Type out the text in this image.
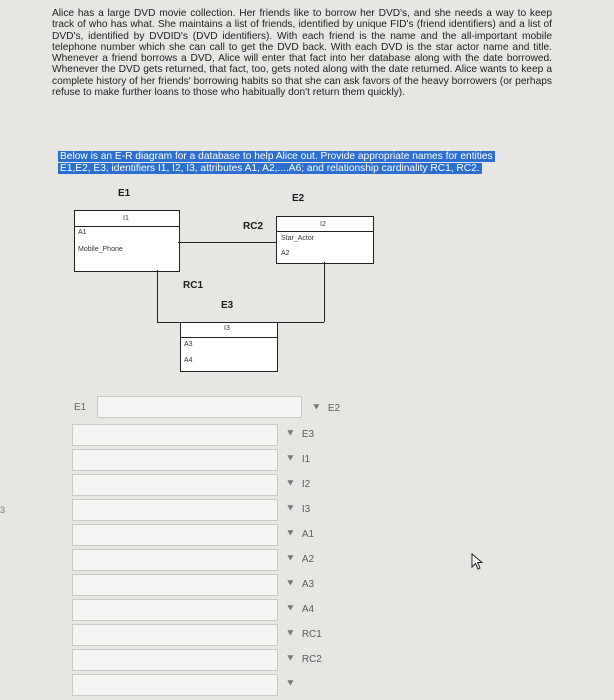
Alice has a large DVD movie collection. Her friends like to borrow her DVD's, and she needs a way to keep track of who has what. She maintains a list of friends, identified by unique FID's (friend identifiers) and a list of DVD's, identified by DVDID's (DVD identifiers). With each friend is the name and the all-important mobile telephone number which she can call to get the DVD back. With each DVD is the star actor name and title. Whenever a friend borrows a DVD, Alice will enter that fact into her database along with the date borrowed. Whenever the DVD gets returned, that fact, too, gets noted along with the date returned. Alice wants to keep a complete history of her friends' borrowing habits so that she can ask favors of the heavy borrowers (or perhaps refuse to make further loans to those who habitually don't return them quickly).
Below is an E-R diagram for a database to help Alice out. Provide appropriate names for entities
E1,E2, E3, identifiers I1, I2, I3, attributes A1, A2,....A6; and relationship cardinality RC1, RC2.
E1	E2
I1
A1
Mobile_Phone
I2
Star_Actor
A2
I3
A3
A4
E3
RC2
RC1
E1	⯆ E2
⯆ E3
⯆ I1
⯆ I2
⯆ I3
⯆ A1
⯆ A2
⯆ A3
⯆ A4
⯆ RC1
⯆ RC2
⯆
3
